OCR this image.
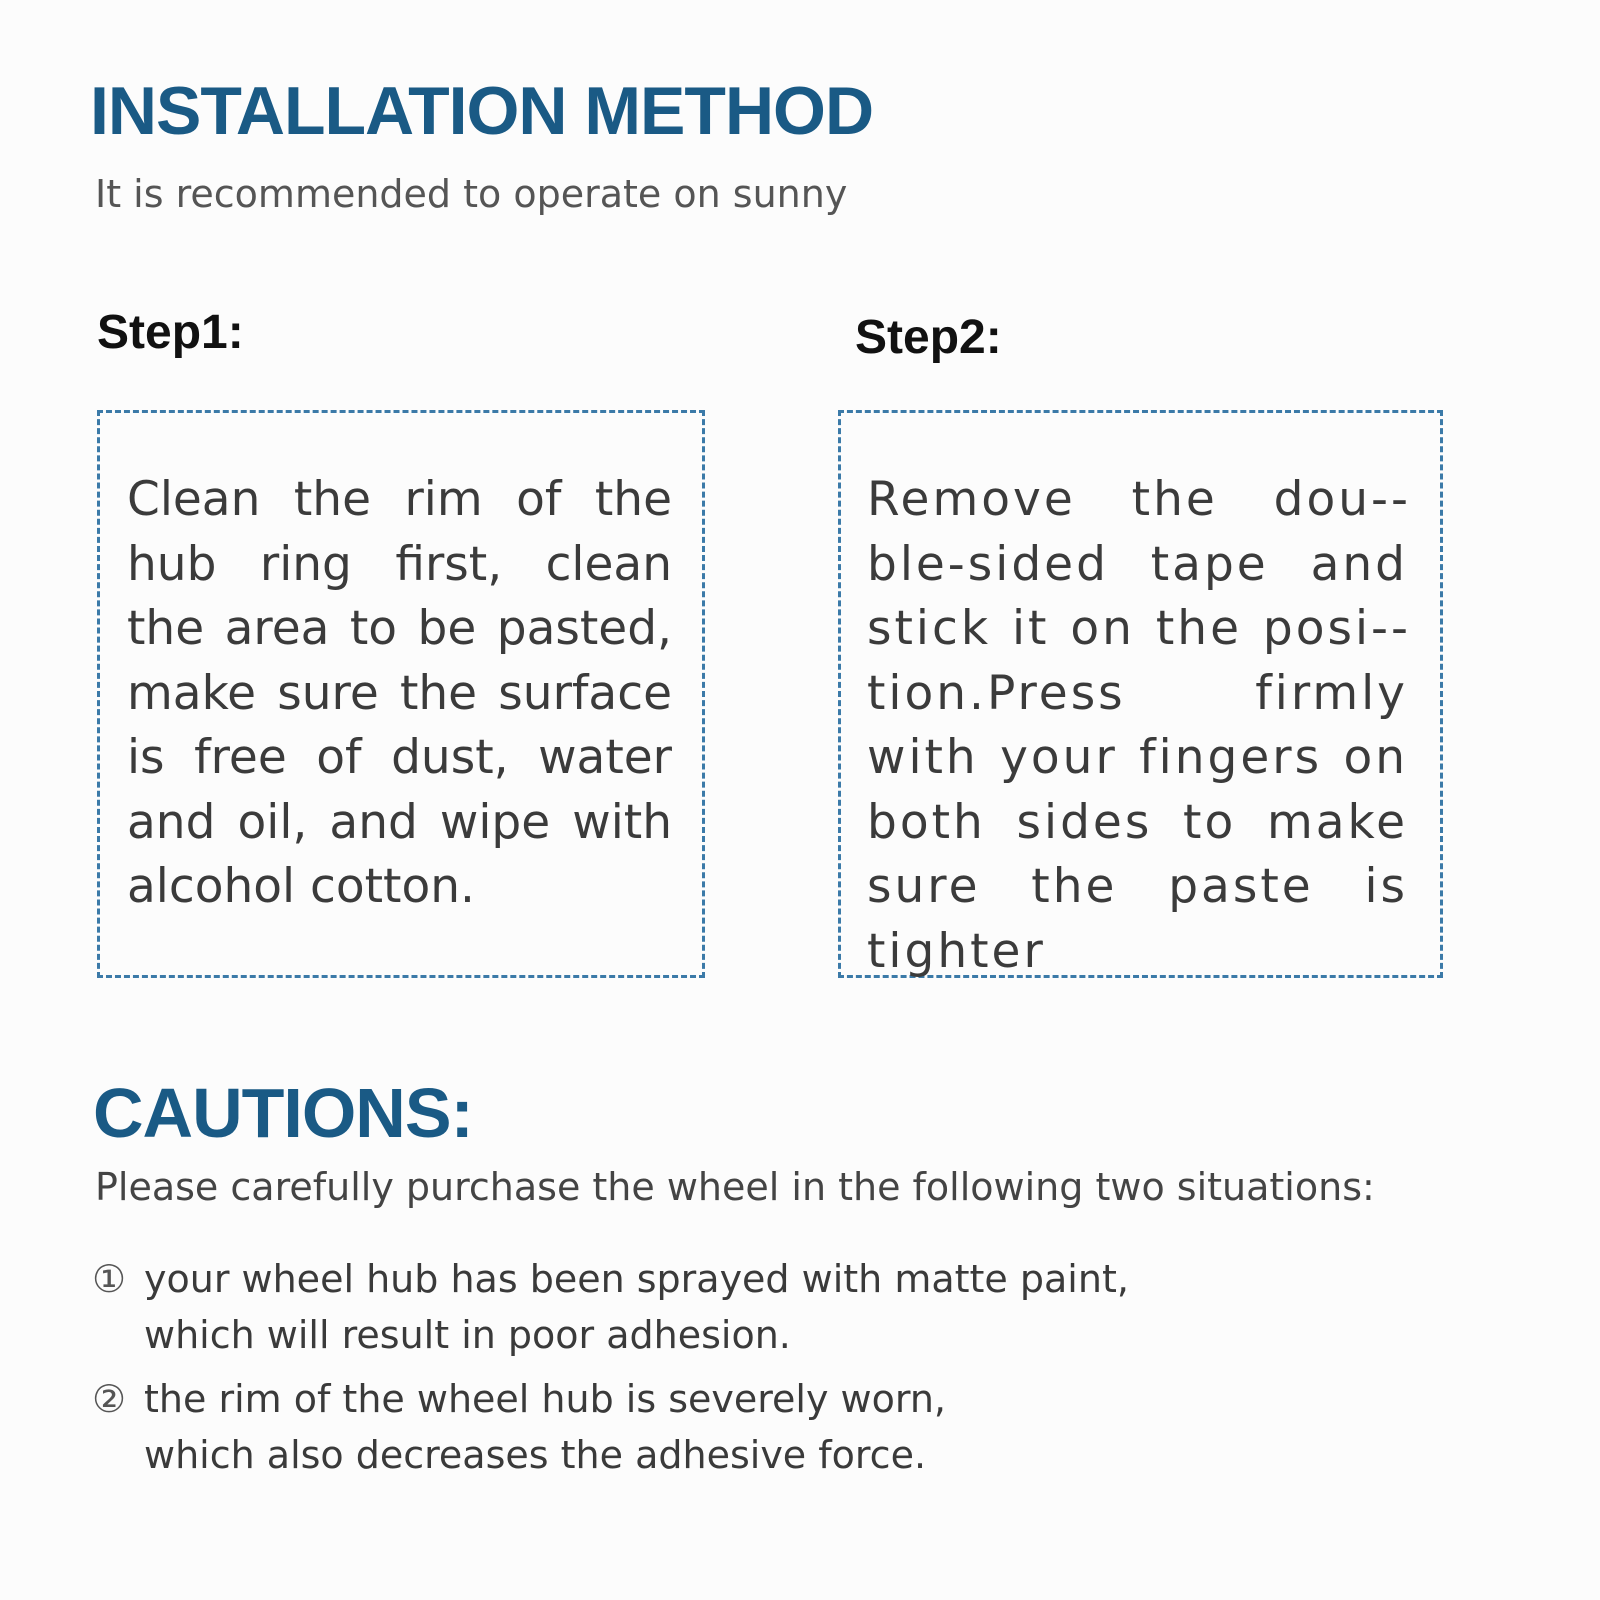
INSTALLATION METHOD
It is recommended to operate on sunny
Step1:	Step2:
Clean the rim of the hub ring first, clean the area to be pasted, make sure the surface is free of dust, water and oil, and wipe with alcohol cotton.
Remove the dou-ble-sided tape and stick it on the posi-tion.Press firmly with your fingers on both sides to make sure the paste is tighter
CAUTIONS:
Please carefully purchase the wheel in the following two situations:
① your wheel hub has been sprayed with matte paint,
which will result in poor adhesion.
② the rim of the wheel hub is severely worn,
which also decreases the adhesive force.
